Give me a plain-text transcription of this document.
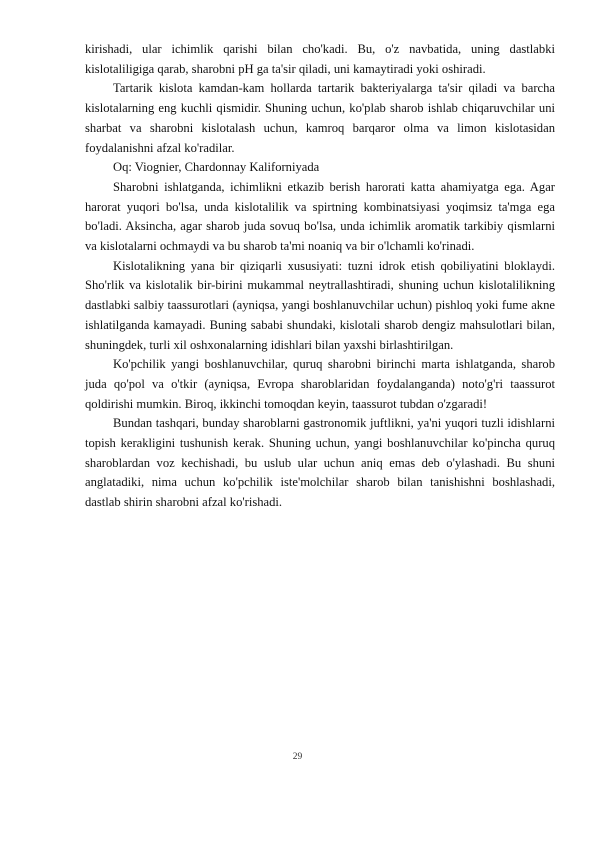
kirishadi, ular ichimlik qarishi bilan cho'kadi. Bu, o'z navbatida, uning dastlabki kislotaliligiga qarab, sharobni pH ga ta'sir qiladi, uni kamaytiradi yoki oshiradi.

Tartarik kislota kamdan-kam hollarda tartarik bakteriyalarga ta'sir qiladi va barcha kislotalarning eng kuchli qismidir. Shuning uchun, ko'plab sharob ishlab chiqaruvchilar uni sharbat va sharobni kislotalash uchun, kamroq barqaror olma va limon kislotasidan foydalanishni afzal ko'radilar.

Oq: Viognier, Chardonnay Kaliforniyada

Sharobni ishlatganda, ichimlikni etkazib berish harorati katta ahamiyatga ega. Agar harorat yuqori bo'lsa, unda kislotalilik va spirtning kombinatsiyasi yoqimsiz ta'mga ega bo'ladi. Aksincha, agar sharob juda sovuq bo'lsa, unda ichimlik aromatik tarkibiy qismlarni va kislotalarni ochmaydi va bu sharob ta'mi noaniq va bir o'lchamli ko'rinadi.

Kislotalikning yana bir qiziqarli xususiyati: tuzni idrok etish qobiliyatini bloklaydi. Sho'rlik va kislotalik bir-birini mukammal neytrallashtiradi, shuning uchun kislotalilikning dastlabki salbiy taassurotlari (ayniqsa, yangi boshlanuvchilar uchun) pishloq yoki fume akne ishlatilganda kamayadi. Buning sababi shundaki, kislotali sharob dengiz mahsulotlari bilan, shuningdek, turli xil oshxonalarning idishlari bilan yaxshi birlashtirilgan.

Ko'pchilik yangi boshlanuvchilar, quruq sharobni birinchi marta ishlatganda, sharob juda qo'pol va o'tkir (ayniqsa, Evropa sharoblaridan foydalanganda) noto'g'ri taassurot qoldirishi mumkin. Biroq, ikkinchi tomoqdan keyin, taassurot tubdan o'zgaradi!

Bundan tashqari, bunday sharoblarni gastronomik juftlikni, ya'ni yuqori tuzli idishlarni topish kerakligini tushunish kerak. Shuning uchun, yangi boshlanuvchilar ko'pincha quruq sharoblardan voz kechishadi, bu uslub ular uchun aniq emas deb o'ylashadi. Bu shuni anglatadiki, nima uchun ko'pchilik iste'molchilar sharob bilan tanishishni boshlashadi, dastlab shirin sharobni afzal ko'rishadi.

29
